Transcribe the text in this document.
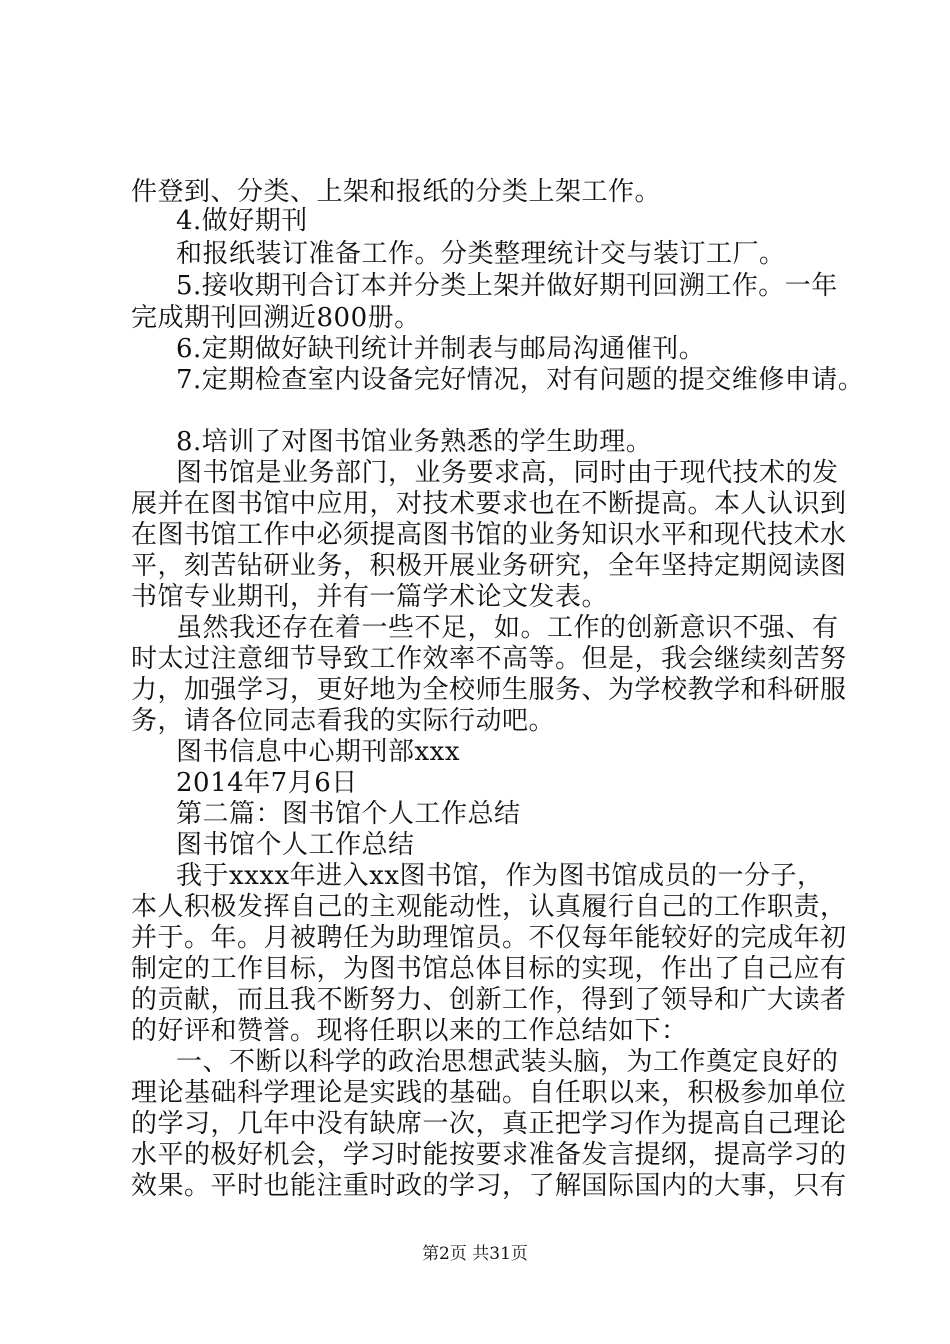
件登到、分类、上架和报纸的分类上架工作。
4.做好期刊
和报纸装订准备工作。分类整理统计交与装订工厂。
5.接收期刊合订本并分类上架并做好期刊回溯工作。一年
完成期刊回溯近800册。
6.定期做好缺刊统计并制表与邮局沟通催刊。
7.定期检查室内设备完好情况，对有问题的提交维修申请。
8.培训了对图书馆业务熟悉的学生助理。
图书馆是业务部门，业务要求高，同时由于现代技术的发
展并在图书馆中应用，对技术要求也在不断提高。本人认识到
在图书馆工作中必须提高图书馆的业务知识水平和现代技术水
平，刻苦钻研业务，积极开展业务研究，全年坚持定期阅读图
书馆专业期刊，并有一篇学术论文发表。
虽然我还存在着一些不足，如。工作的创新意识不强、有
时太过注意细节导致工作效率不高等。但是，我会继续刻苦努
力，加强学习，更好地为全校师生服务、为学校教学和科研服
务，请各位同志看我的实际行动吧。
图书信息中心期刊部xxx
2014年7月6日
第二篇：图书馆个人工作总结
图书馆个人工作总结
我于xxxx年进入xx图书馆，作为图书馆成员的一分子，
本人积极发挥自己的主观能动性，认真履行自己的工作职责，
并于。年。月被聘任为助理馆员。不仅每年能较好的完成年初
制定的工作目标，为图书馆总体目标的实现，作出了自己应有
的贡献，而且我不断努力、创新工作，得到了领导和广大读者
的好评和赞誉。现将任职以来的工作总结如下：
一、不断以科学的政治思想武装头脑，为工作奠定良好的
理论基础科学理论是实践的基础。自任职以来，积极参加单位
的学习，几年中没有缺席一次，真正把学习作为提高自己理论
水平的极好机会，学习时能按要求准备发言提纲，提高学习的
效果。平时也能注重时政的学习，了解国际国内的大事，只有
第2页 共31页
